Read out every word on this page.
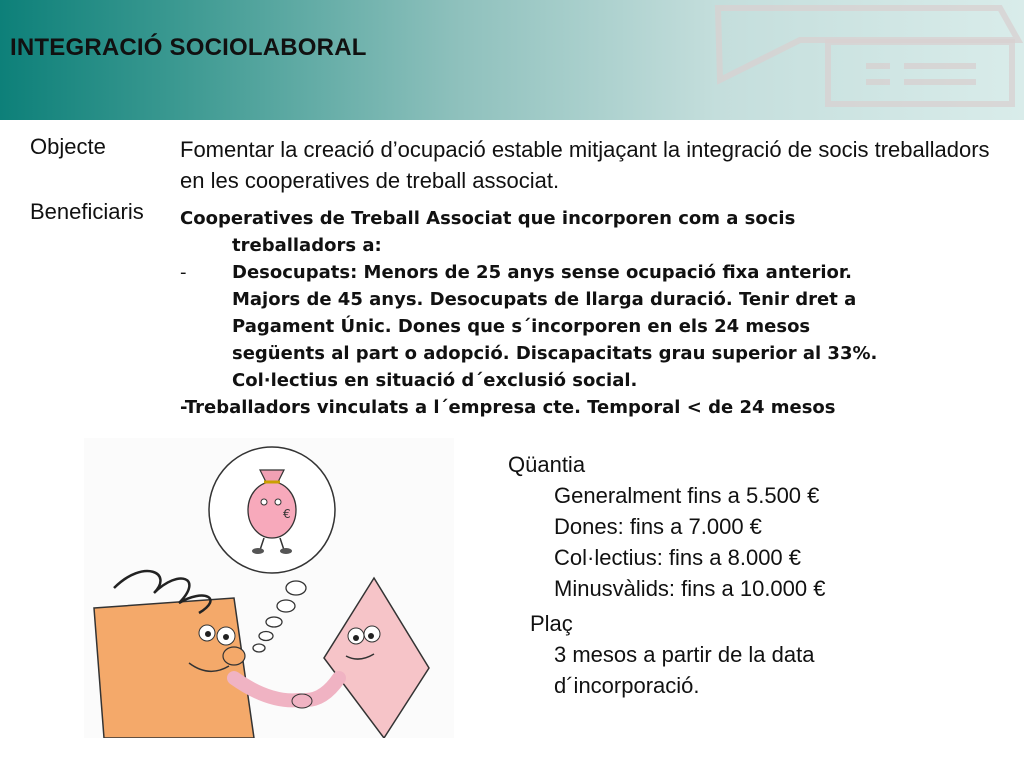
INTEGRACIÓ SOCIOLABORAL
Objecte	Fomentar la creació d’ocupació estable mitjaçant la integració de socis treballadors en les cooperatives de treball associat.
Beneficiaris Cooperatives de Treball Associat que incorporen com a socis
treballadors a:
-	Desocupats: Menors de 25 anys sense ocupació fixa anterior.
Majors de 45 anys. Desocupats de llarga duració. Tenir dret a
Pagament Únic. Dones que s´incorporen en els 24 mesos
següents al part o adopció. Discapacitats grau superior al 33%.
Col·lectius en situació d´exclusió social.
-Treballadors vinculats a l´empresa cte. Temporal < de 24 mesos
€
Qüantia
Generalment fins a 5.500 €
Dones: fins a 7.000 €
Col·lectius: fins a 8.000 €
Minusvàlids: fins a 10.000 €
Plaç
3 mesos a partir de la data
d´incorporació.
